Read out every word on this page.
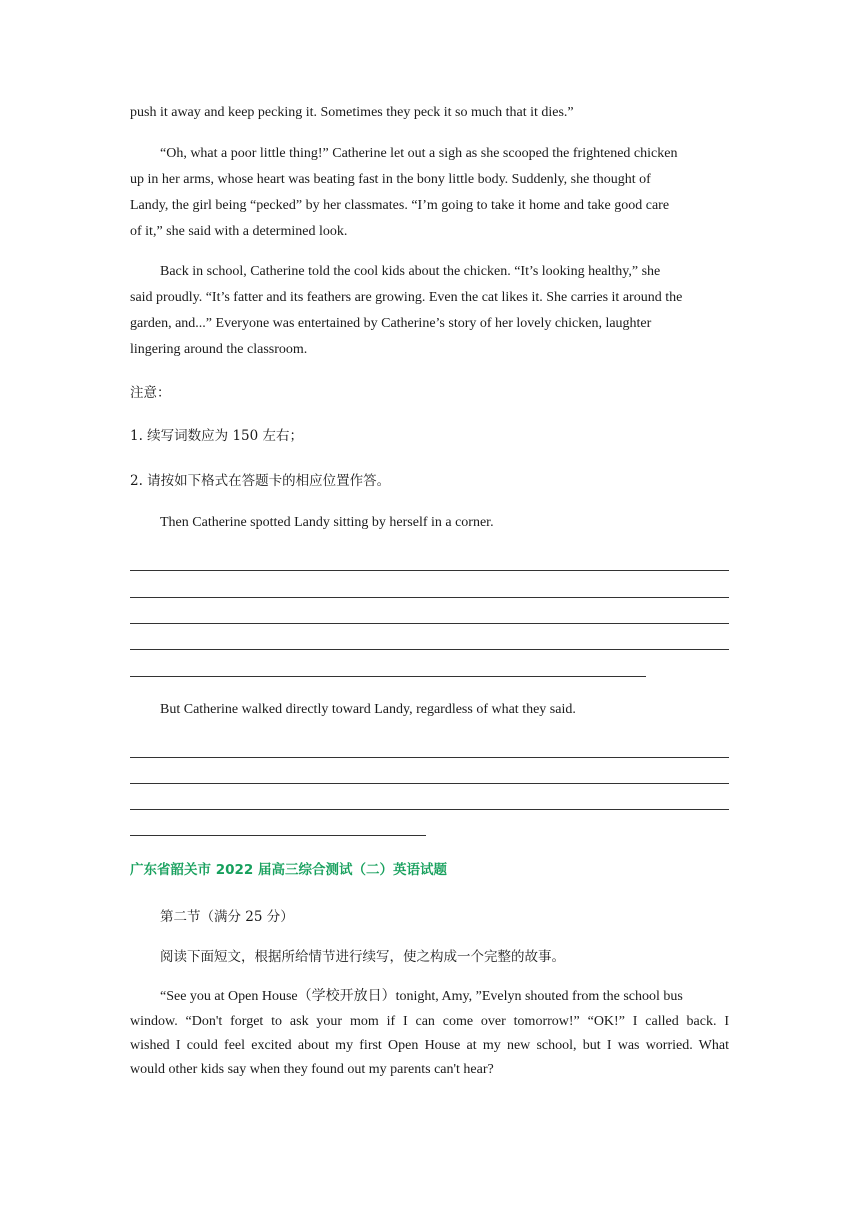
push it away and keep pecking it. Sometimes they peck it so much that it dies.”
“Oh, what a poor little thing!” Catherine let out a sigh as she scooped the frightened chicken
up in her arms, whose heart was beating fast in the bony little body. Suddenly, she thought of
Landy, the girl being “pecked” by her classmates. “I’m going to take it home and take good care
of it,” she said with a determined look.
Back in school, Catherine told the cool kids about the chicken. “It’s looking healthy,” she
said proudly. “It’s fatter and its feathers are growing. Even the cat likes it. She carries it around the
garden, and...” Everyone was entertained by Catherine’s story of her lovely chicken, laughter
lingering around the classroom.
注意：
1. 续写词数应为 150 左右；
2. 请按如下格式在答题卡的相应位置作答。
Then Catherine spotted Landy sitting by herself in a corner.
But Catherine walked directly toward Landy, regardless of what they said.
广东省韶关市 2022 届高三综合测试（二）英语试题
第二节（满分 25 分）
阅读下面短文，根据所给情节进行续写，使之构成一个完整的故事。
“See you at Open House（学校开放日）tonight, Amy, ”Evelyn shouted from the school bus
window. “Don't forget to ask your mom if I can come over tomorrow!” “OK!” I called back. I
wished I could feel excited about my first Open House at my new school, but I was worried. What
would other kids say when they found out my parents can't hear?
